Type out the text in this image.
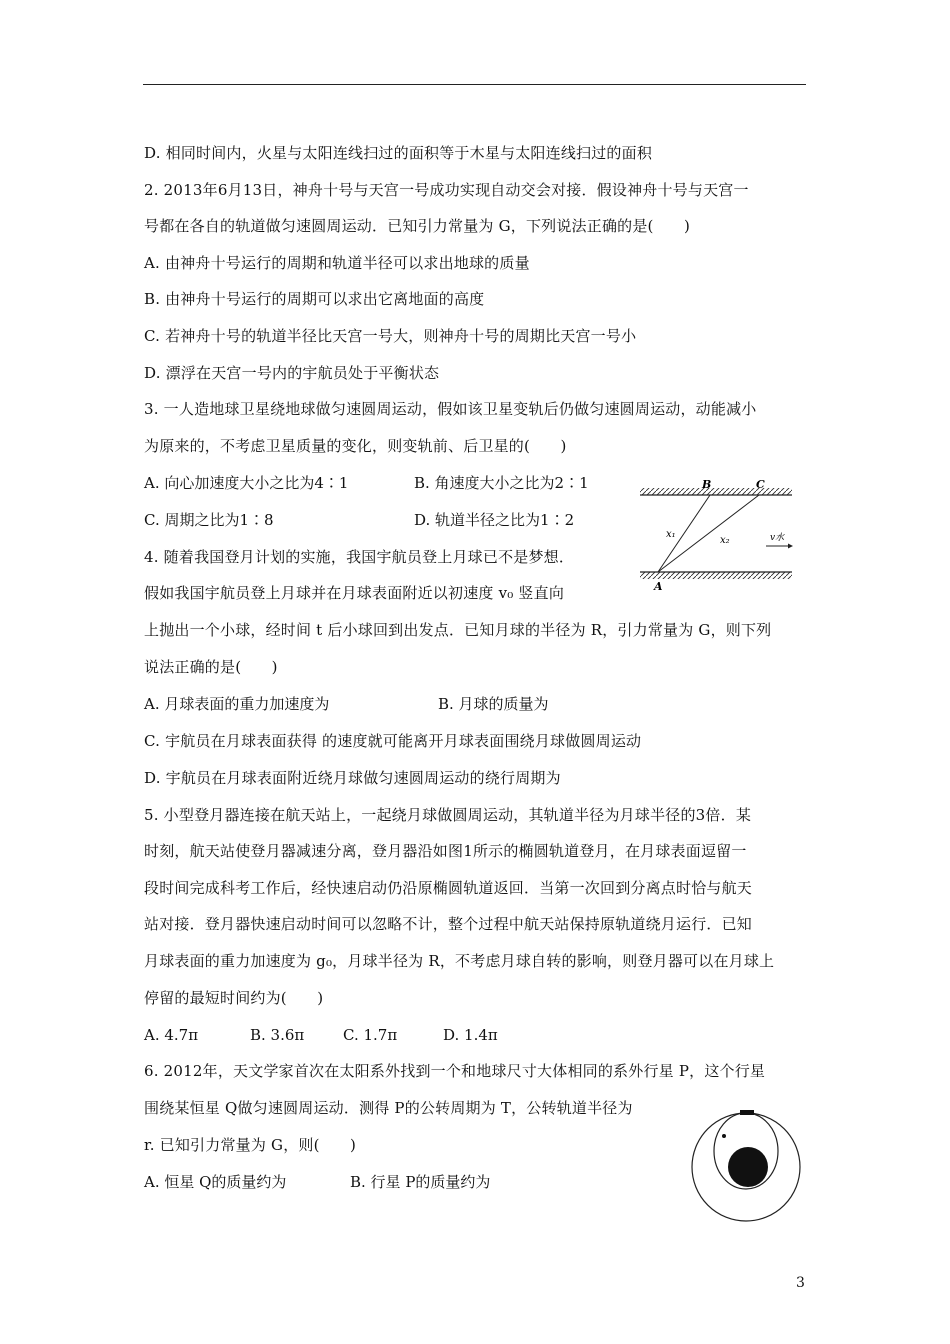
D. 相同时间内，火星与太阳连线扫过的面积等于木星与太阳连线扫过的面积
2. 2013年6月13日，神舟十号与天宫一号成功实现自动交会对接．假设神舟十号与天宫一
号都在各自的轨道做匀速圆周运动．已知引力常量为 G，下列说法正确的是(　　)
A. 由神舟十号运行的周期和轨道半径可以求出地球的质量
B. 由神舟十号运行的周期可以求出它离地面的高度
C. 若神舟十号的轨道半径比天宫一号大，则神舟十号的周期比天宫一号小
D. 漂浮在天宫一号内的宇航员处于平衡状态
3. 一人造地球卫星绕地球做匀速圆周运动，假如该卫星变轨后仍做匀速圆周运动，动能减小
为原来的，不考虑卫星质量的变化，则变轨前、后卫星的(　　)
A. 向心加速度大小之比为4∶1	B. 角速度大小之比为2∶1
C. 周期之比为1∶8	D. 轨道半径之比为1∶2
4. 随着我国登月计划的实施，我国宇航员登上月球已不是梦想．
假如我国宇航员登上月球并在月球表面附近以初速度 v₀ 竖直向
上抛出一个小球，经时间 t 后小球回到出发点．已知月球的半径为 R，引力常量为 G，则下列
说法正确的是(　　)
A. 月球表面的重力加速度为	B. 月球的质量为
C. 宇航员在月球表面获得 的速度就可能离开月球表面围绕月球做圆周运动
D. 宇航员在月球表面附近绕月球做匀速圆周运动的绕行周期为
5. 小型登月器连接在航天站上，一起绕月球做圆周运动，其轨道半径为月球半径的3倍．某
时刻，航天站使登月器减速分离，登月器沿如图1所示的椭圆轨道登月，在月球表面逗留一
段时间完成科考工作后，经快速启动仍沿原椭圆轨道返回．当第一次回到分离点时恰与航天
站对接．登月器快速启动时间可以忽略不计，整个过程中航天站保持原轨道绕月运行．已知
月球表面的重力加速度为 g₀，月球半径为 R，不考虑月球自转的影响，则登月器可以在月球上
停留的最短时间约为(　　)
A. 4.7π	B. 3.6π	C. 1.7π	D. 1.4π
6. 2012年，天文学家首次在太阳系外找到一个和地球尺寸大体相同的系外行星 P，这个行星
围绕某恒星 Q做匀速圆周运动．测得 P的公转周期为 T，公转轨道半径为
r. 已知引力常量为 G，则(　　)
A. 恒星 Q的质量约为	B. 行星 P的质量约为
B	C
A
x₁
x₂	v水
3
